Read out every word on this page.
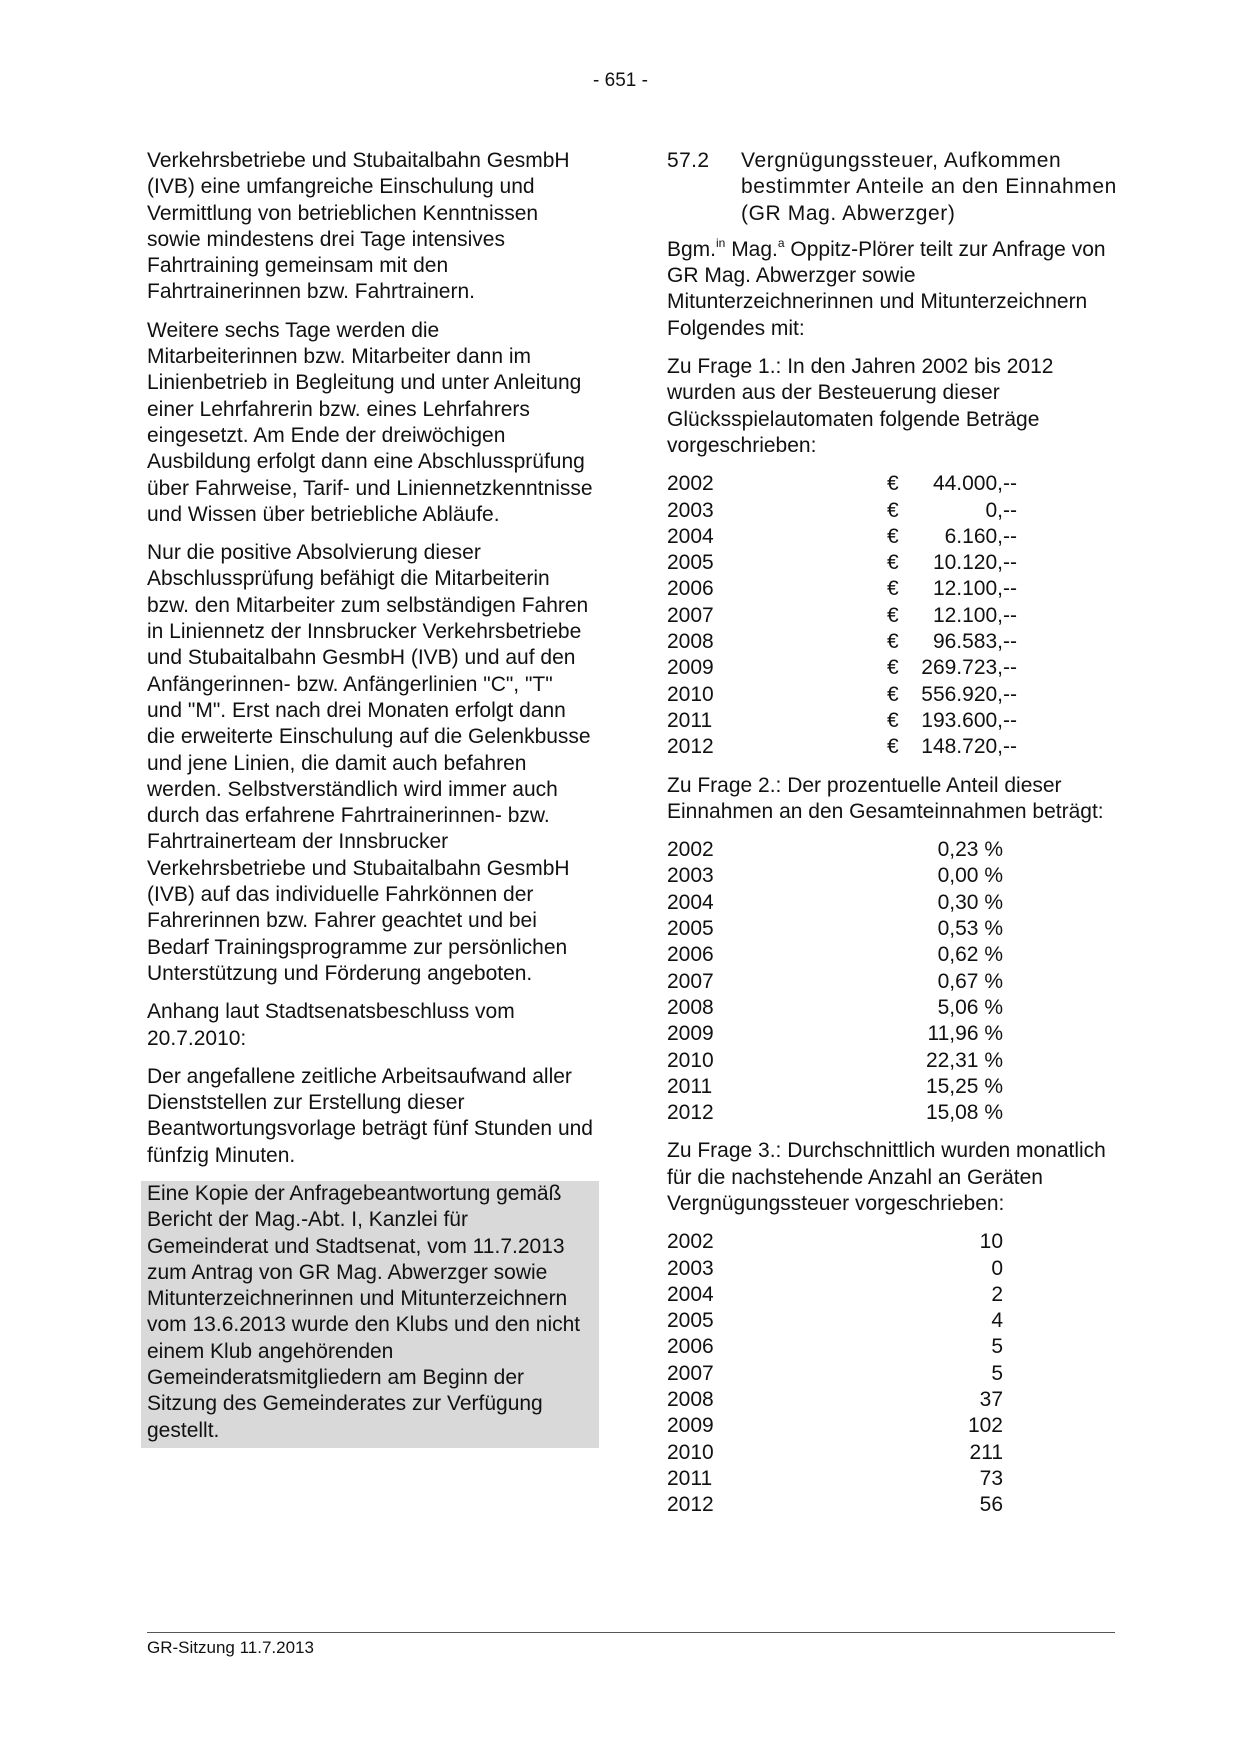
- 651 -

Verkehrsbetriebe und Stubaitalbahn GesmbH (IVB) eine umfangreiche Einschulung und Vermittlung von betrieblichen Kenntnissen sowie mindestens drei Tage intensives Fahrtraining gemeinsam mit den Fahrtrainerinnen bzw. Fahrtrainern.

Weitere sechs Tage werden die Mitarbeiterinnen bzw. Mitarbeiter dann im Linienbetrieb in Begleitung und unter Anleitung einer Lehrfahrerin bzw. eines Lehrfahrers eingesetzt. Am Ende der dreiwöchigen Ausbildung erfolgt dann eine Abschlussprüfung über Fahrweise, Tarif- und Liniennetzkenntnisse und Wissen über betriebliche Abläufe.

Nur die positive Absolvierung dieser Abschlussprüfung befähigt die Mitarbeiterin bzw. den Mitarbeiter zum selbständigen Fahren in Liniennetz der Innsbrucker Verkehrsbetriebe und Stubaitalbahn GesmbH (IVB) und auf den Anfängerinnen- bzw. Anfängerlinien "C", "T" und "M". Erst nach drei Monaten erfolgt dann die erweiterte Einschulung auf die Gelenkbusse und jene Linien, die damit auch befahren werden. Selbstverständlich wird immer auch durch das erfahrene Fahrtrainerinnen- bzw. Fahrtrainerteam der Innsbrucker Verkehrsbetriebe und Stubaitalbahn GesmbH (IVB) auf das individuelle Fahrkönnen der Fahrerinnen bzw. Fahrer geachtet und bei Bedarf Trainingsprogramme zur persönlichen Unterstützung und Förderung angeboten.

Anhang laut Stadtsenatsbeschluss vom 20.7.2010:

Der angefallene zeitliche Arbeitsaufwand aller Dienststellen zur Erstellung dieser Beantwortungsvorlage beträgt fünf Stunden und fünfzig Minuten.

Eine Kopie der Anfragebeantwortung gemäß Bericht der Mag.-Abt. I, Kanzlei für Gemeinderat und Stadtsenat, vom 11.7.2013 zum Antrag von GR Mag. Abwerzger sowie Mitunterzeichnerinnen und Mitunterzeichnern vom 13.6.2013 wurde den Klubs und den nicht einem Klub angehörenden Gemeinderatsmitgliedern am Beginn der Sitzung des Gemeinderates zur Verfügung gestellt.

57.2	Vergnügungssteuer, Aufkommen bestimmter Anteile an den Einnahmen (GR Mag. Abwerzger)

Bgm.$^{in}$ Mag.$^a$ Oppitz-Plörer teilt zur Anfrage von GR Mag. Abwerzger sowie Mitunterzeichnerinnen und Mitunterzeichnern Folgendes mit:

Zu Frage 1.: In den Jahren 2002 bis 2012 wurden aus der Besteuerung dieser Glücksspielautomaten folgende Beträge vorgeschrieben:

2002	€	44.000,--
2003	€	0,--
2004	€	6.160,--
2005	€	10.120,--
2006	€	12.100,--
2007	€	12.100,--
2008	€	96.583,--
2009	€	269.723,--
2010	€	556.920,--
2011	€	193.600,--
2012	€	148.720,--

Zu Frage 2.: Der prozentuelle Anteil dieser Einnahmen an den Gesamteinnahmen beträgt:

2002	0,23 %
2003	0,00 %
2004	0,30 %
2005	0,53 %
2006	0,62 %
2007	0,67 %
2008	5,06 %
2009	11,96 %
2010	22,31 %
2011	15,25 %
2012	15,08 %

Zu Frage 3.: Durchschnittlich wurden monatlich für die nachstehende Anzahl an Geräten Vergnügungssteuer vorgeschrieben:

2002	10
2003	0
2004	2
2005	4
2006	5
2007	5
2008	37
2009	102
2010	211
2011	73
2012	56
GR-Sitzung 11.7.2013
